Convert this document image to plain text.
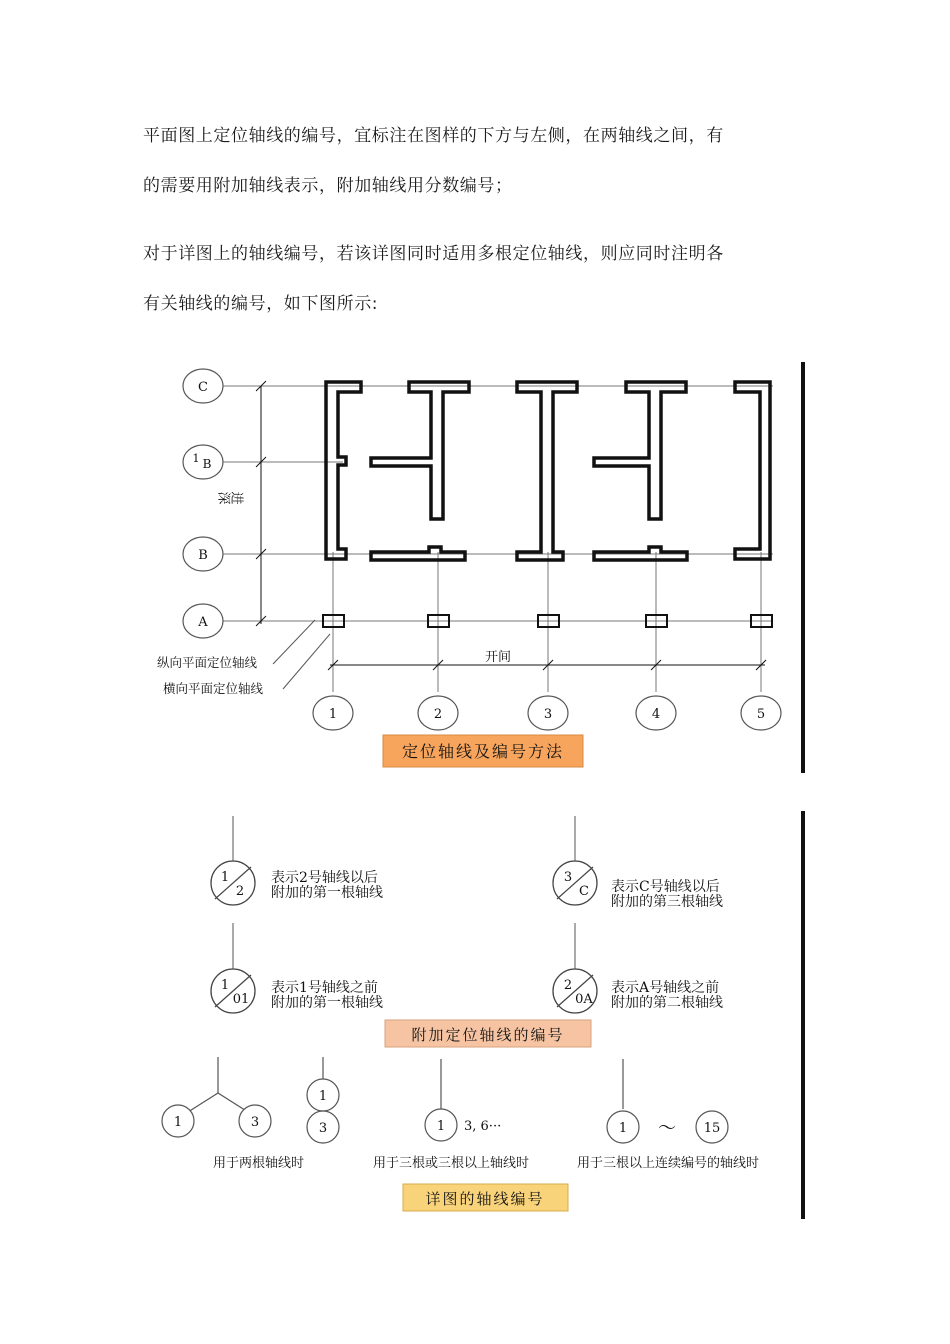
平面图上定位轴线的编号，宜标注在图样的下方与左侧，在两轴线之间，有
的需要用附加轴线表示，附加轴线用分数编号；
对于详图上的轴线编号，若该详图同时适用多根定位轴线，则应同时注明各
有关轴线的编号，如下图所示:
进深
开间
C
1 B
B
A
纵向平面定位轴线
横向平面定位轴线
1	2	3	4	5
定位轴线及编号方法
1
2
表示2号轴线以后
附加的第一根轴线
3
C 表示C号轴线以后
附加的第三根轴线
1
01
表示1号轴线之前
附加的第一根轴线
2
0A
表示A号轴线之前
附加的第二根轴线
附加定位轴线的编号
1	3
用于两根轴线时
1
3	1 3, 6···
用于三根或三根以上轴线时
1 ～ 15
用于三根以上连续编号的轴线时
详图的轴线编号
